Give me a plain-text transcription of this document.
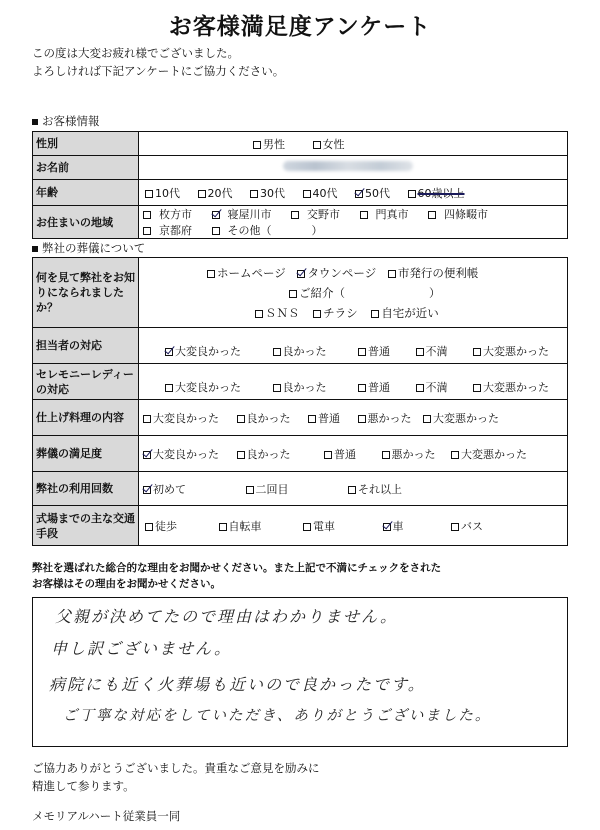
お客様満足度アンケート
この度は大変お疲れ様でございました。
よろしければ下記アンケートにご協力ください。
お客様情報
性別	男性 女性
お名前	
年齢	10代 20代 30代 40代 50代 60歳以上
お住まいの地域	枚方市 寝屋川市 交野市 門真市 四條畷市 京都府 その他（ ）
弊社の葬儀について
何を見て弊社をお知りになられましたか？	ホームページ タウンページ 市発行の便利帳
ご紹介（ ）
ＳＮＳ チラシ 自宅が近い

担当者の対応	大変良かった 良かった 普通 不満 大変悪かった
セレモニーレディーの対応	大変良かった 良かった 普通 不満 大変悪かった
仕上げ料理の内容	大変良かった 良かった 普通 悪かった 大変悪かった
葬儀の満足度	大変良かった 良かった 普通 悪かった 大変悪かった
弊社の利用回数	初めて 二回目 それ以上
式場までの主な交通手段	徒歩 自転車 電車 車 バス
弊社を選ばれた総合的な理由をお聞かせください。また上記で不満にチェックをされた
お客様はその理由をお聞かせください。
父親が決めてたので理由はわかりません。
申し訳ございません。
病院にも近く火葬場も近いので良かったです。
ご丁寧な対応をしていただき、ありがとうございました。
ご協力ありがとうございました。貴重なご意見を励みに
精進して参ります。
メモリアルハート従業員一同
